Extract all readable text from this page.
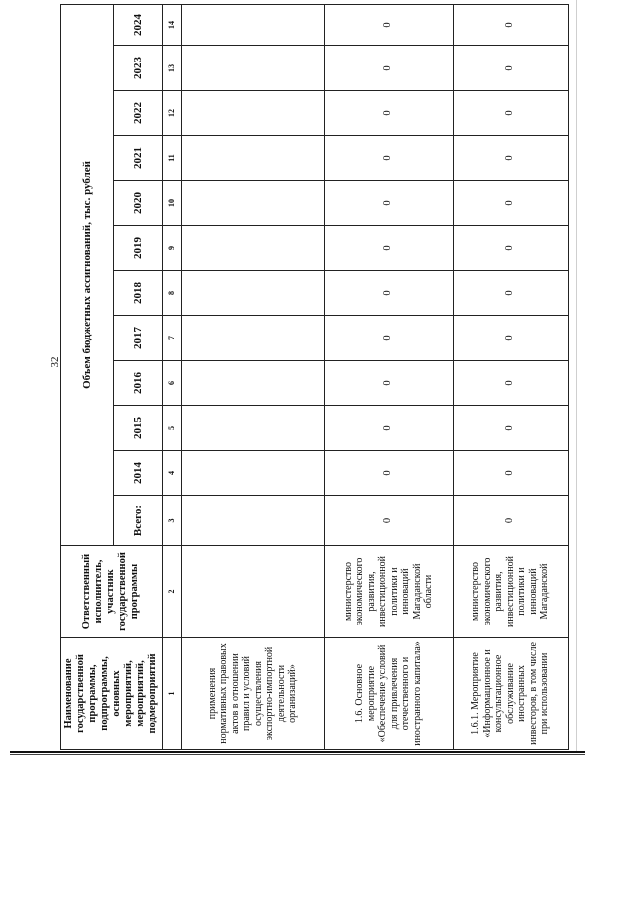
32
Наименование государственной программы, подпрограммы, основных мероприятий, мероприятий, подмероприятий	Ответственный исполнитель, участник государственной программы	Объем бюджетных ассигнований, тыс. рублей											
		Всего:	2014	2015	2016	2017	2018	2019	2020	2021	2022	2023	2024
1	2	3	4	5	6	7	8	9	10	11	12	13	14
применения нормативных правовых актов в отношении правил и условий осуществления экспортно-импортной деятельности организаций»													
1.6. Основное мероприятие «Обеспечение условий для привлечения отечественного и иностранного капитала»	министерство экономического развития, инвестиционной политики и инноваций Магаданской области	0	0	0	0	0	0	0	0	0	0	0	0
1.6.1. Мероприятие «Информационное и консультационное обслуживание иностранных инвесторов, в том числе при использовании	министерство экономического развития, инвестиционной политики и инноваций Магаданской	0	0	0	0	0	0	0	0	0	0	0	0
